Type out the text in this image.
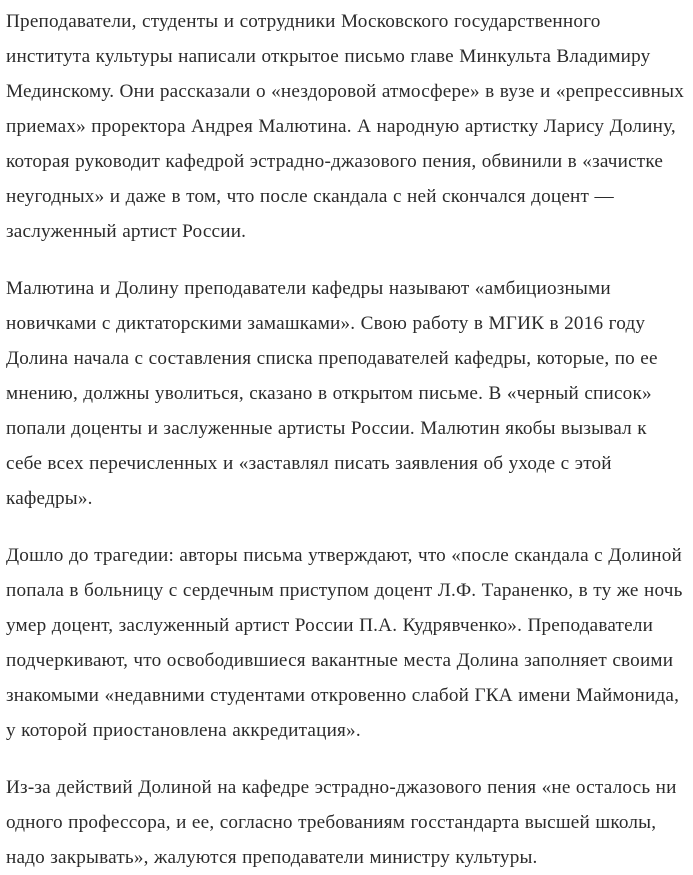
Преподаватели, студенты и сотрудники Московского государственного института культуры написали открытое письмо главе Минкульта Владимиру Мединскому. Они рассказали о «нездоровой атмосфере» в вузе и «репрессивных приемах» проректора Андрея Малютина. А народную артистку Ларису Долину, которая руководит кафедрой эстрадно-джазового пения, обвинили в «зачистке неугодных» и даже в том, что после скандала с ней скончался доцент — заслуженный артист России.

Малютина и Долину преподаватели кафедры называют «амбициозными новичками с диктаторскими замашками». Свою работу в МГИК в 2016 году Долина начала с составления списка преподавателей кафедры, которые, по ее мнению, должны уволиться, сказано в открытом письме. В «черный список» попали доценты и заслуженные артисты России. Малютин якобы вызывал к себе всех перечисленных и «заставлял писать заявления об уходе с этой кафедры».

Дошло до трагедии: авторы письма утверждают, что «после скандала с Долиной попала в больницу с сердечным приступом доцент Л.Ф. Тараненко, в ту же ночь умер доцент, заслуженный артист России П.А. Кудрявченко». Преподаватели подчеркивают, что освободившиеся вакантные места Долина заполняет своими знакомыми «недавними студентами откровенно слабой ГКА имени Маймонида, у которой приостановлена аккредитация».

Из-за действий Долиной на кафедре эстрадно-джазового пения «не осталось ни одного профессора, и ее, согласно требованиям госстандарта высшей школы, надо закрывать», жалуются преподаватели министру культуры.
